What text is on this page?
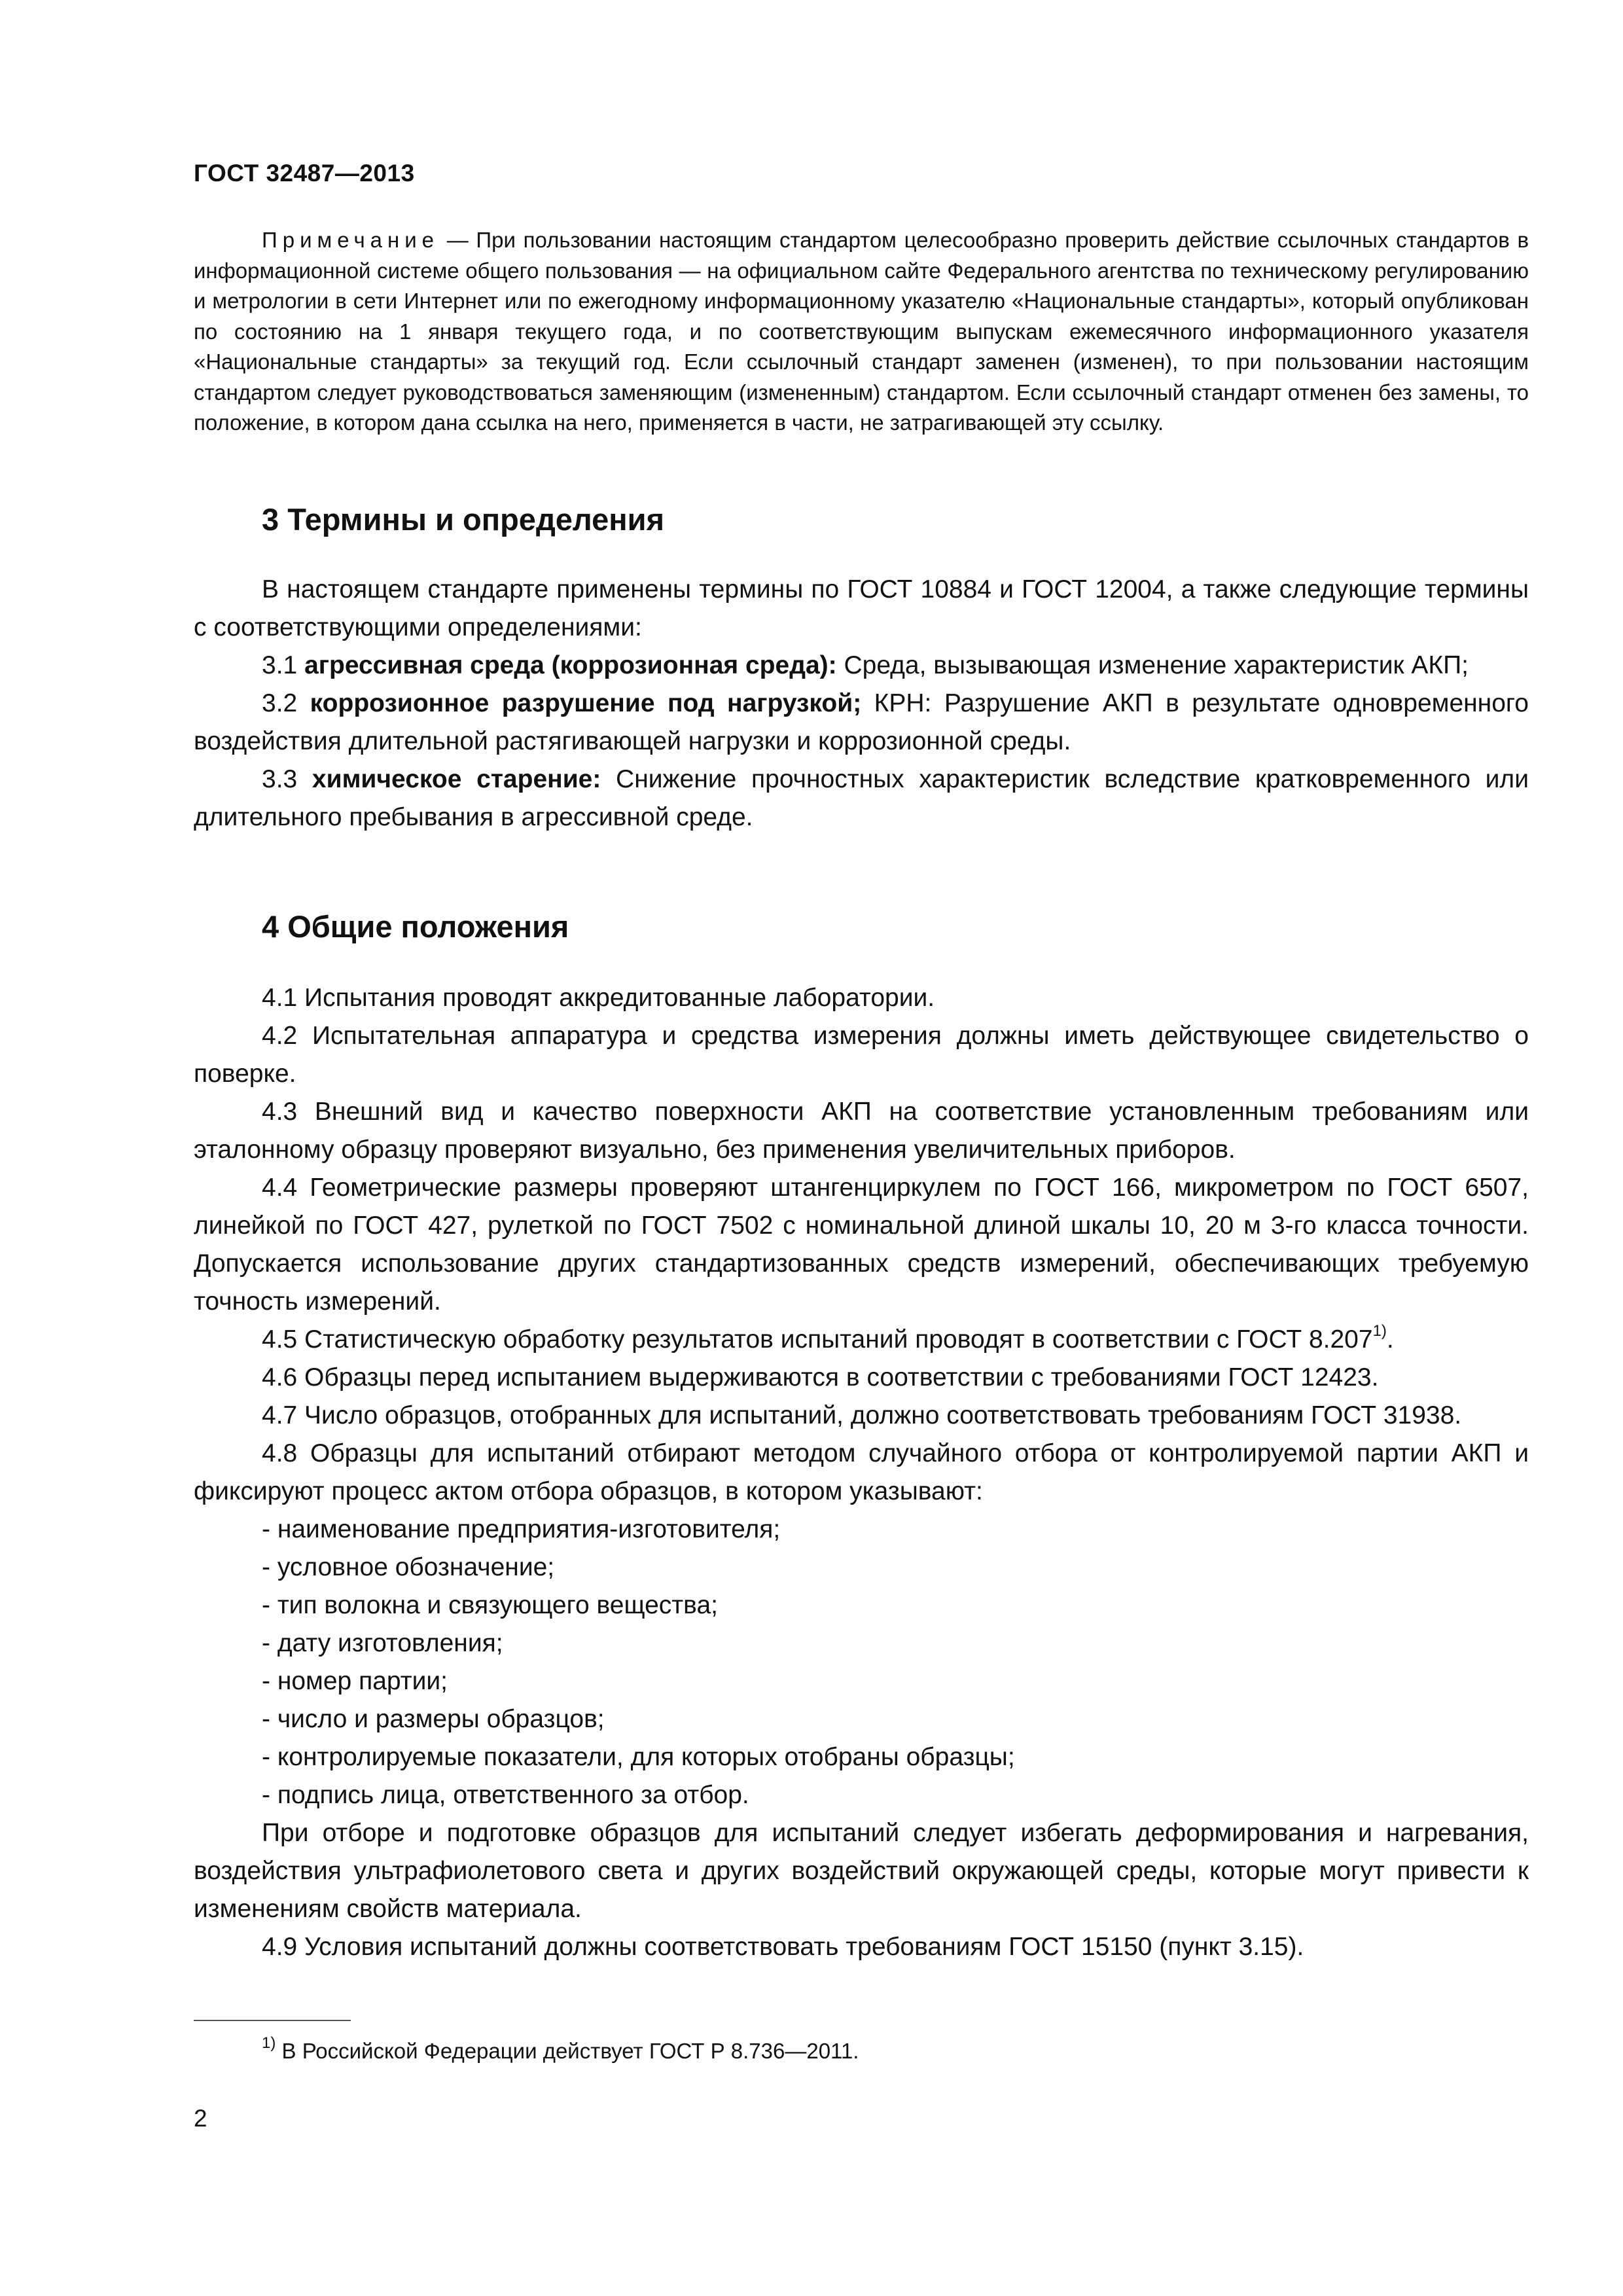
ГОСТ 32487—2013

Примечание — При пользовании настоящим стандартом целесообразно проверить действие ссылочных стандартов в информационной системе общего пользования — на официальном сайте Федерального агентства по техническому регулированию и метрологии в сети Интернет или по ежегодному информационному указателю «Национальные стандарты», который опубликован по состоянию на 1 января текущего года, и по соответствующим выпускам ежемесячного информационного указателя «Национальные стандарты» за текущий год. Если ссылочный стандарт заменен (изменен), то при пользовании настоящим стандартом следует руководствоваться заменяющим (измененным) стандартом. Если ссылочный стандарт отменен без замены, то положение, в котором дана ссылка на него, применяется в части, не затрагивающей эту ссылку.

3 Термины и определения

В настоящем стандарте применены термины по ГОСТ 10884 и ГОСТ 12004, а также следующие термины с соответствующими определениями:

3.1 агрессивная среда (коррозионная среда): Среда, вызывающая изменение характеристик АКП;

3.2 коррозионное разрушение под нагрузкой; КРН: Разрушение АКП в результате одновременного воздействия длительной растягивающей нагрузки и коррозионной среды.

3.3 химическое старение: Снижение прочностных характеристик вследствие кратковременного или длительного пребывания в агрессивной среде.

4 Общие положения

4.1 Испытания проводят аккредитованные лаборатории.

4.2 Испытательная аппаратура и средства измерения должны иметь действующее свидетельство о поверке.

4.3 Внешний вид и качество поверхности АКП на соответствие установленным требованиям или эталонному образцу проверяют визуально, без применения увеличительных приборов.

4.4 Геометрические размеры проверяют штангенциркулем по ГОСТ 166, микрометром по ГОСТ 6507, линейкой по ГОСТ 427, рулеткой по ГОСТ 7502 с номинальной длиной шкалы 10, 20 м 3-го класса точности. Допускается использование других стандартизованных средств измерений, обеспечивающих требуемую точность измерений.

4.5 Статистическую обработку результатов испытаний проводят в соответствии с ГОСТ 8.207$^{1)}$.

4.6 Образцы перед испытанием выдерживаются в соответствии с требованиями ГОСТ 12423.

4.7 Число образцов, отобранных для испытаний, должно соответствовать требованиям ГОСТ 31938.

4.8 Образцы для испытаний отбирают методом случайного отбора от контролируемой партии АКП и фиксируют процесс актом отбора образцов, в котором указывают:

- наименование предприятия-изготовителя;

- условное обозначение;

- тип волокна и связующего вещества;

- дату изготовления;

- номер партии;

- число и размеры образцов;

- контролируемые показатели, для которых отобраны образцы;

- подпись лица, ответственного за отбор.

При отборе и подготовке образцов для испытаний следует избегать деформирования и нагревания, воздействия ультрафиолетового света и других воздействий окружающей среды, которые могут привести к изменениям свойств материала.

4.9 Условия испытаний должны соответствовать требованиям ГОСТ 15150 (пункт 3.15).

$^{1)}$ В Российской Федерации действует ГОСТ Р 8.736—2011.
2
